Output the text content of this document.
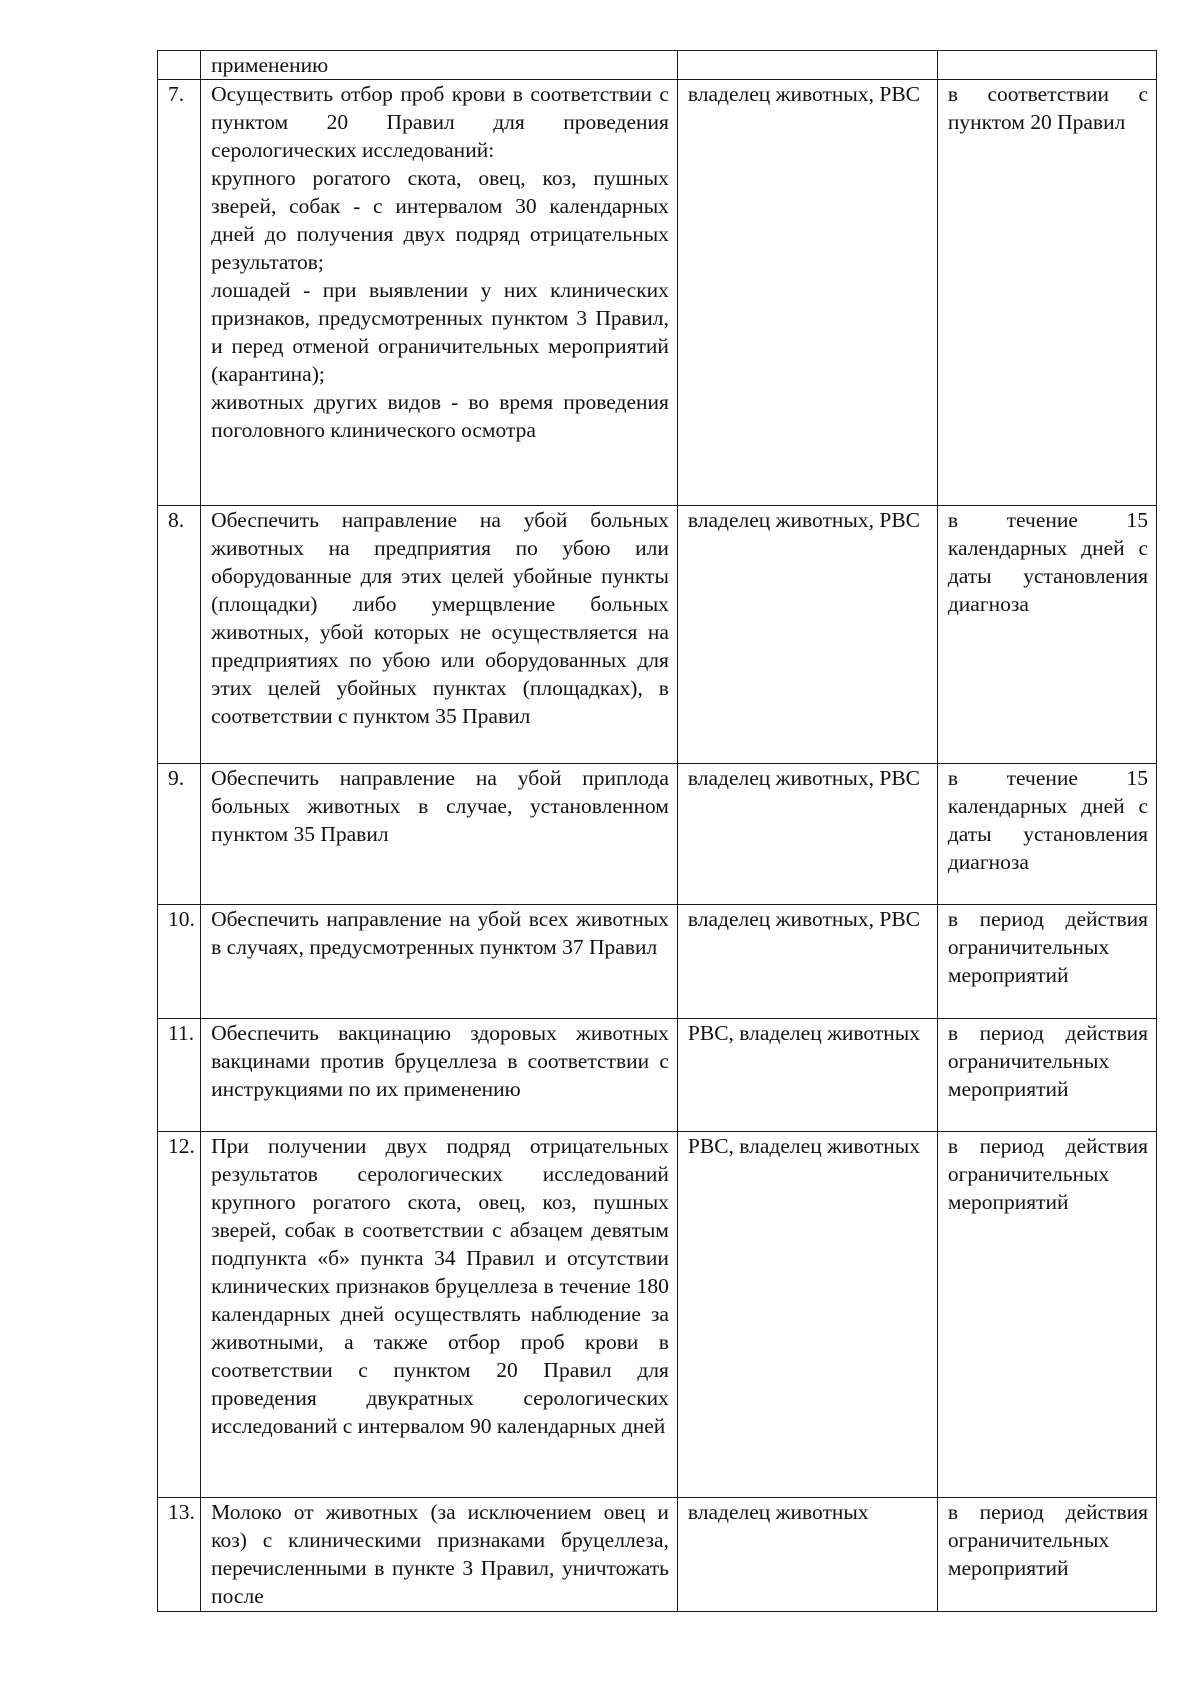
	применению		

7.	Осуществить отбор проб крови в соответствии с пунктом 20 Правил для проведения серологических исследований:
крупного рогатого скота, овец, коз, пушных зверей, собак - с интервалом 30 календарных дней до получения двух подряд отрицательных результатов;
лошадей - при выявлении у них клинических признаков, предусмотренных пунктом 3 Правил, и перед отменой ограничительных мероприятий (карантина);
животных других видов - во время проведения поголовного клинического осмотра	владелец животных, РВС	в соответствии с пунктом 20 Правил

8.	Обеспечить направление на убой больных животных на предприятия по убою или оборудованные для этих целей убойные пункты (площадки) либо умерщвление больных животных, убой которых не осуществляется на предприятиях по убою или оборудованных для этих целей убойных пунктах (площадках), в соответствии с пунктом 35 Правил	владелец животных, РВС	в течение 15 календарных дней с даты установления диагноза

9.	Обеспечить направление на убой приплода больных животных в случае, установленном пунктом 35 Правил	владелец животных, РВС	в течение 15 календарных дней с даты установления диагноза

10.	Обеспечить направление на убой всех животных в случаях, предусмотренных пунктом 37 Правил	владелец животных, РВС	в период действия ограничительных мероприятий

11.	Обеспечить вакцинацию здоровых животных вакцинами против бруцеллеза в соответствии с инструкциями по их применению	РВС, владелец животных	в период действия ограничительных мероприятий

12.	При получении двух подряд отрицательных результатов серологических исследований крупного рогатого скота, овец, коз, пушных зверей, собак в соответствии с абзацем девятым подпункта «б» пункта 34 Правил и отсутствии клинических признаков бруцеллеза в течение 180 календарных дней осуществлять наблюдение за животными, а также отбор проб крови в соответствии с пунктом 20 Правил для проведения двукратных серологических исследований с интервалом 90 календарных дней	РВС, владелец животных	в период действия ограничительных мероприятий

13.	Молоко от животных (за исключением овец и коз) с клиническими признаками бруцеллеза, перечисленными в пункте 3 Правил, уничтожать после	владелец животных	в период действия ограничительных мероприятий
